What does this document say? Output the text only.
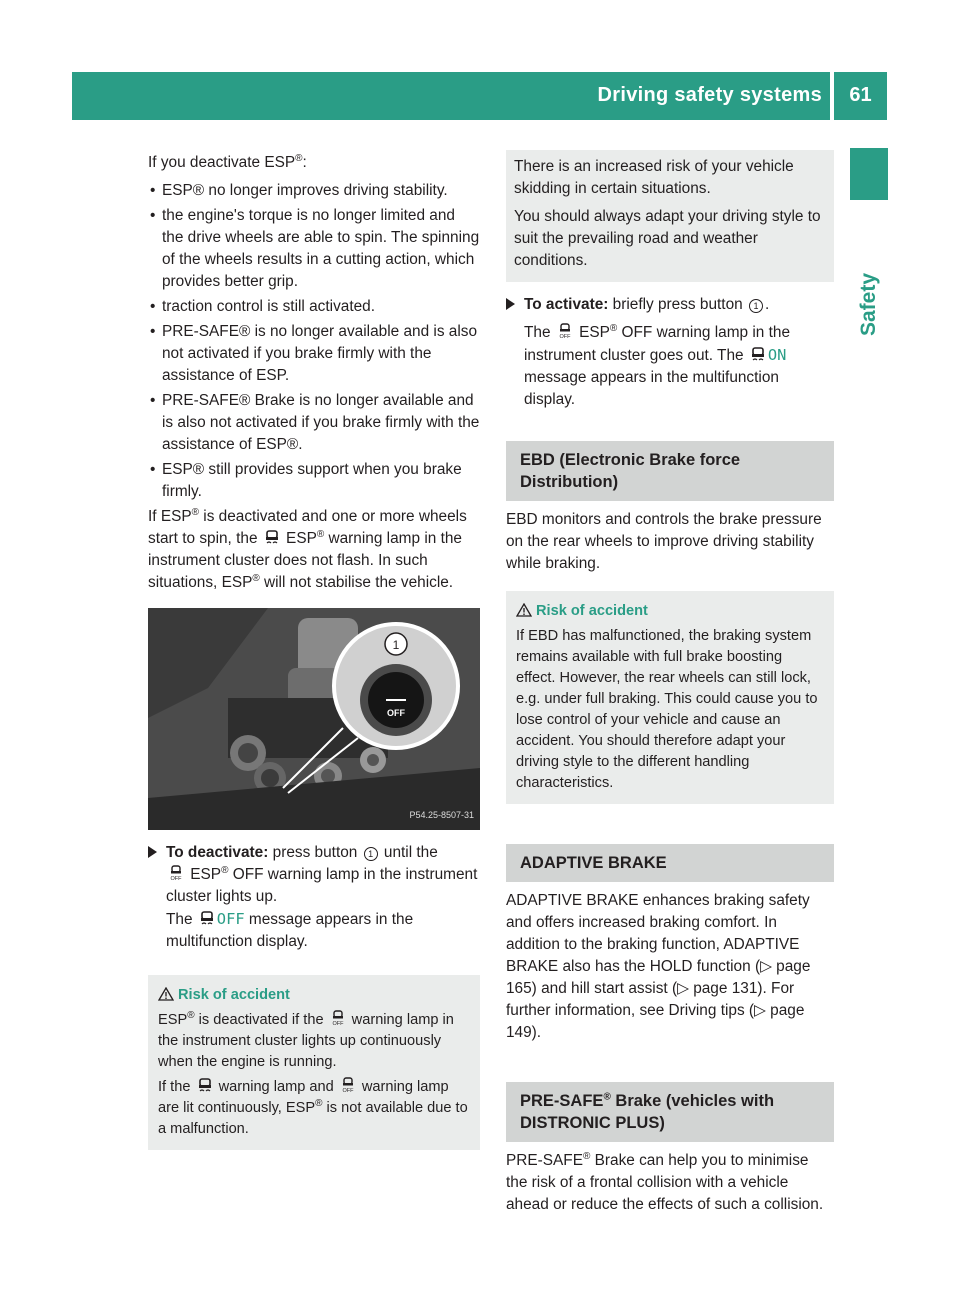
Driving safety systems	61
Safety

If you deactivate ESP®:

• ESP® no longer improves driving stability.
• the engine's torque is no longer limited and the drive wheels are able to spin. The spinning of the wheels results in a cutting action, which provides better grip.
• traction control is still activated.
• PRE-SAFE® is no longer available and is also not activated if you brake firmly with the assistance of ESP.
• PRE-SAFE® Brake is no longer available and is also not activated if you brake firmly with the assistance of ESP®.
• ESP® still provides support when you brake firmly.

If ESP® is deactivated and one or more wheels start to spin, the  ESP® warning lamp in the instrument cluster does not flash. In such situations, ESP® will not stabilise the vehicle.

OFF
1
P54.25-8507-31
To deactivate: press button 1 until the

OFF ESP® OFF warning lamp in the instrument cluster lights up.
The OFF message appears in the multifunction display.
Risk of accident

ESP® is deactivated if the OFF warning lamp in the instrument cluster lights up continuously when the engine is running.

If the  warning lamp and OFF warning lamp are lit continuously, ESP® is not available due to a malfunction.

There is an increased risk of your vehicle skidding in certain situations.

You should always adapt your driving style to suit the prevailing road and weather conditions.

To activate: briefly press button 1 .

The OFF ESP® OFF warning lamp in the instrument cluster goes out. The ON message appears in the multifunction display.

EBD (Electronic Brake force Distribution)

EBD monitors and controls the brake pressure on the rear wheels to improve driving stability while braking.

Risk of accident

If EBD has malfunctioned, the braking system remains available with full brake boosting effect. However, the rear wheels can still lock, e.g. under full braking. This could cause you to lose control of your vehicle and cause an accident. You should therefore adapt your driving style to the different handling characteristics.

ADAPTIVE BRAKE

ADAPTIVE BRAKE enhances braking safety and offers increased braking comfort. In addition to the braking function, ADAPTIVE BRAKE also has the HOLD function (▷ page 165) and hill start assist (▷ page 131). For further information, see Driving tips (▷ page 149).

PRE-SAFE® Brake (vehicles with DISTRONIC PLUS)

PRE-SAFE® Brake can help you to minimise the risk of a frontal collision with a vehicle ahead or reduce the effects of such a collision.
